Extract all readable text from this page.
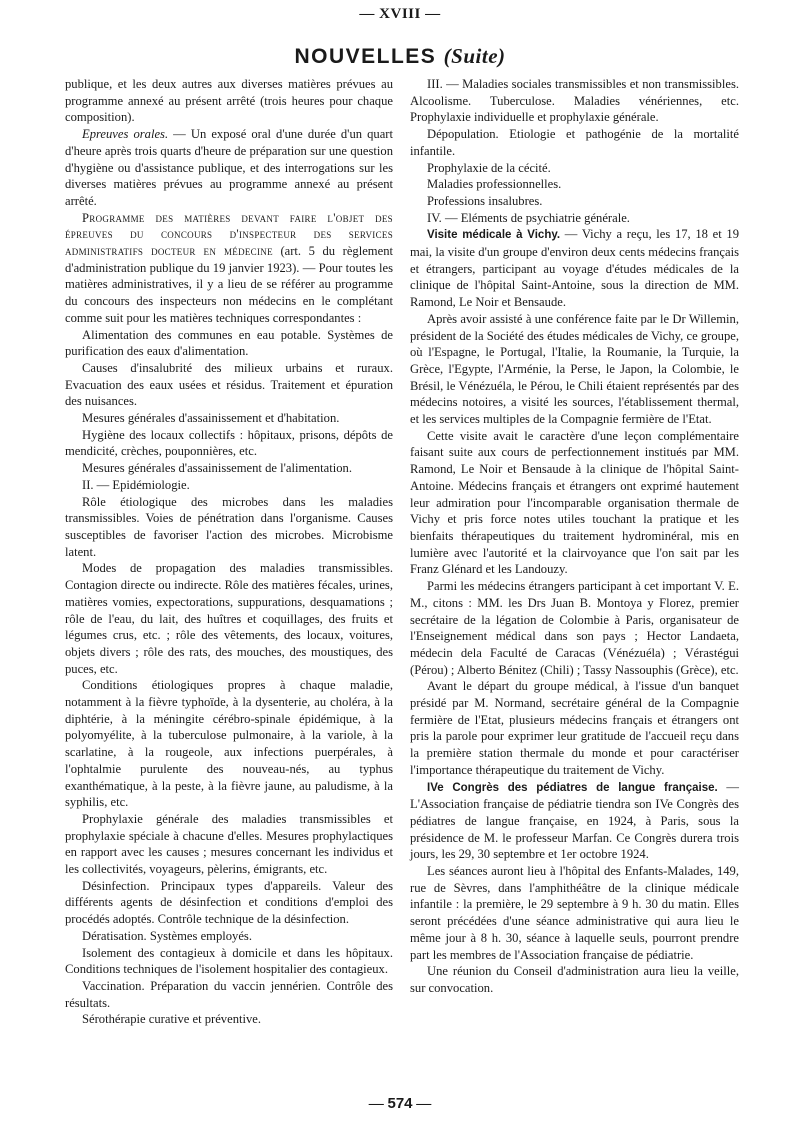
— XVIII —
NOUVELLES (Suite)

publique, et les deux autres aux diverses matières prévues au programme annexé au présent arrêté (trois heures pour chaque composition).

Epreuves orales. — Un exposé oral d'une durée d'un quart d'heure après trois quarts d'heure de préparation sur une question d'hygiène ou d'assistance publique, et des interrogations sur les diverses matières prévues au programme annexé au présent arrêté.

Programme des matières devant faire l'objet des épreuves du concours d'inspecteur des services administratifs docteur en médecine (art. 5 du règlement d'administration publique du 19 janvier 1923). — Pour toutes les matières administratives, il y a lieu de se référer au programme du concours des inspecteurs non médecins en le complétant comme suit pour les matières techniques correspondantes :

Alimentation des communes en eau potable. Systèmes de purification des eaux d'alimentation.

Causes d'insalubrité des milieux urbains et ruraux. Evacuation des eaux usées et résidus. Traitement et épuration des nuisances.

Mesures générales d'assainissement et d'habitation.

Hygiène des locaux collectifs : hôpitaux, prisons, dépôts de mendicité, crèches, pouponnières, etc.

Mesures générales d'assainissement de l'alimentation.

II. — Epidémiologie.

Rôle étiologique des microbes dans les maladies transmissibles. Voies de pénétration dans l'organisme. Causes susceptibles de favoriser l'action des microbes. Microbisme latent.

Modes de propagation des maladies transmissibles. Contagion directe ou indirecte. Rôle des matières fécales, urines, matières vomies, expectorations, suppurations, desquamations ; rôle de l'eau, du lait, des huîtres et coquillages, des fruits et légumes crus, etc. ; rôle des vêtements, des locaux, voitures, objets divers ; rôle des rats, des mouches, des moustiques, des puces, etc.

Conditions étiologiques propres à chaque maladie, notamment à la fièvre typhoïde, à la dysenterie, au choléra, à la diphtérie, à la méningite cérébro-spinale épidémique, à la polyomyélite, à la tuberculose pulmonaire, à la variole, à la scarlatine, à la rougeole, aux infections puerpérales, à l'ophtalmie purulente des nouveau-nés, au typhus exanthématique, à la peste, à la fièvre jaune, au paludisme, à la syphilis, etc.

Prophylaxie générale des maladies transmissibles et prophylaxie spéciale à chacune d'elles. Mesures prophylactiques en rapport avec les causes ; mesures concernant les individus et les collectivités, voyageurs, pèlerins, émigrants, etc.

Désinfection. Principaux types d'appareils. Valeur des différents agents de désinfection et conditions d'emploi des procédés adoptés. Contrôle technique de la désinfection.

Dératisation. Systèmes employés.

Isolement des contagieux à domicile et dans les hôpitaux. Conditions techniques de l'isolement hospitalier des contagieux.

Vaccination. Préparation du vaccin jennérien. Contrôle des résultats.

Sérothérapie curative et préventive.

III. — Maladies sociales transmissibles et non transmissibles. Alcoolisme. Tuberculose. Maladies vénériennes, etc. Prophylaxie individuelle et prophylaxie générale.

Dépopulation. Etiologie et pathogénie de la mortalité infantile.

Prophylaxie de la cécité.

Maladies professionnelles.

Professions insalubres.

IV. — Eléments de psychiatrie générale.

Visite médicale à Vichy. — Vichy a reçu, les 17, 18 et 19 mai, la visite d'un groupe d'environ deux cents médecins français et étrangers, participant au voyage d'études médicales de la clinique de l'hôpital Saint-Antoine, sous la direction de MM. Ramond, Le Noir et Bensaude.

Après avoir assisté à une conférence faite par le Dr Willemin, président de la Société des études médicales de Vichy, ce groupe, où l'Espagne, le Portugal, l'Italie, la Roumanie, la Turquie, la Grèce, l'Egypte, l'Arménie, la Perse, le Japon, la Colombie, le Brésil, le Vénézuéla, le Pérou, le Chili étaient représentés par des médecins notoires, a visité les sources, l'établissement thermal, et les services multiples de la Compagnie fermière de l'Etat.

Cette visite avait le caractère d'une leçon complémentaire faisant suite aux cours de perfectionnement institués par MM. Ramond, Le Noir et Bensaude à la clinique de l'hôpital Saint-Antoine. Médecins français et étrangers ont exprimé hautement leur admiration pour l'incomparable organisation thermale de Vichy et pris force notes utiles touchant la pratique et les bienfaits thérapeutiques du traitement hydrominéral, mis en lumière avec l'autorité et la clairvoyance que l'on sait par les Franz Glénard et les Landouzy.

Parmi les médecins étrangers participant à cet important V. E. M., citons : MM. les Drs Juan B. Montoya y Florez, premier secrétaire de la légation de Colombie à Paris, organisateur de l'Enseignement médical dans son pays ; Hector Landaeta, médecin dela Faculté de Caracas (Vénézuéla) ; Vérastégui (Pérou) ; Alberto Bénitez (Chili) ; Tassy Nassouphis (Grèce), etc.

Avant le départ du groupe médical, à l'issue d'un banquet présidé par M. Normand, secrétaire général de la Compagnie fermière de l'Etat, plusieurs médecins français et étrangers ont pris la parole pour exprimer leur gratitude de l'accueil reçu dans la première station thermale du monde et pour caractériser l'importance thérapeutique du traitement de Vichy.

IVe Congrès des pédiatres de langue française. — L'Association française de pédiatrie tiendra son IVe Congrès des pédiatres de langue française, en 1924, à Paris, sous la présidence de M. le professeur Marfan. Ce Congrès durera trois jours, les 29, 30 septembre et 1er octobre 1924.

Les séances auront lieu à l'hôpital des Enfants-Malades, 149, rue de Sèvres, dans l'amphithéâtre de la clinique médicale infantile : la première, le 29 septembre à 9 h. 30 du matin. Elles seront précédées d'une séance administrative qui aura lieu le même jour à 8 h. 30, séance à laquelle seuls, pourront prendre part les membres de l'Association française de pédiatrie.

Une réunion du Conseil d'administration aura lieu la veille, sur convocation.

— 574 —
